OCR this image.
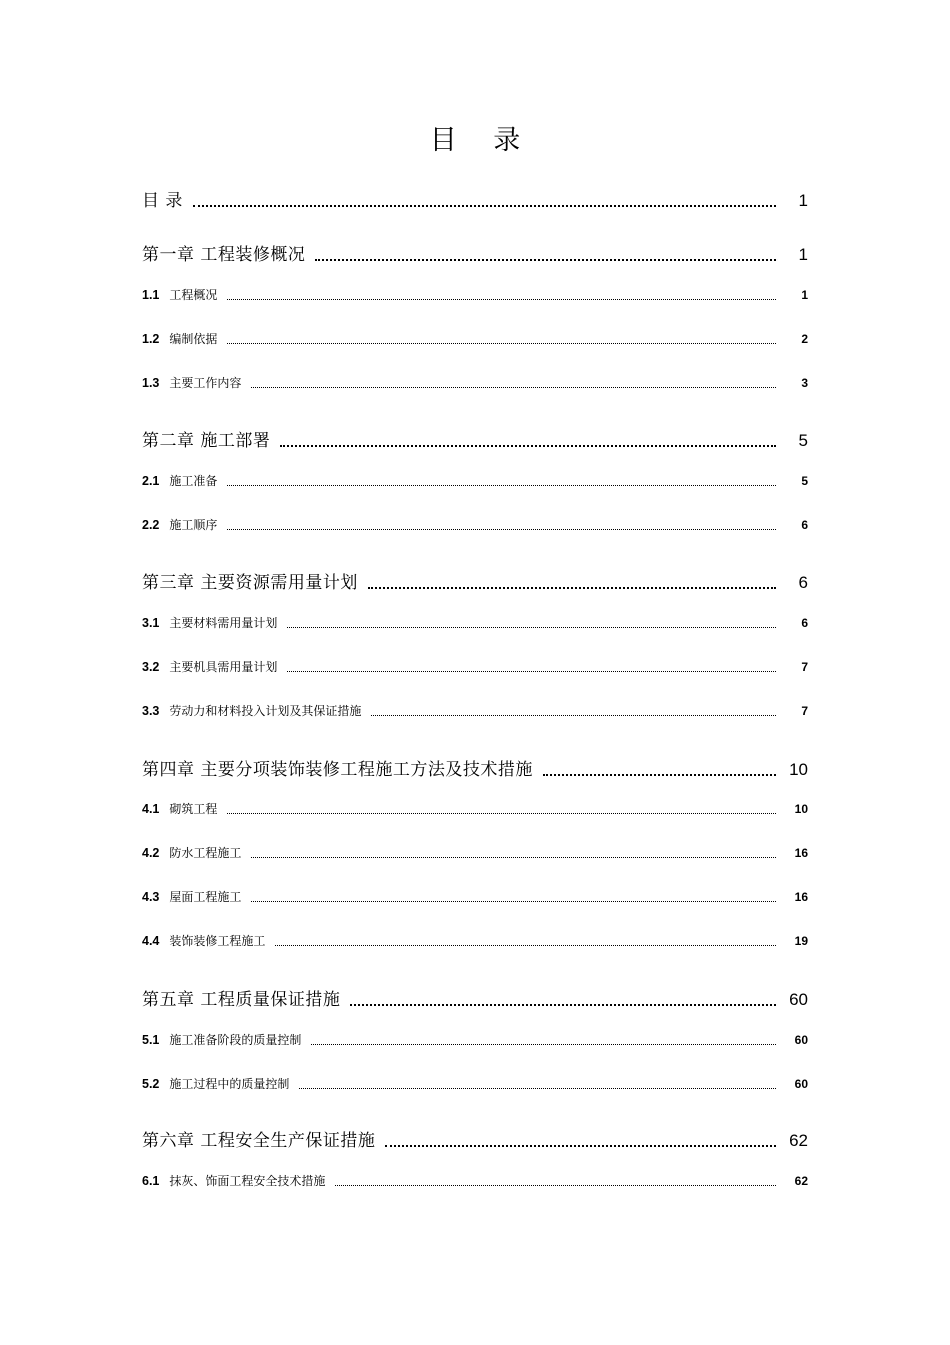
目 录
目 录	1
第一章 工程装修概况	1
1.1 工程概况	1
1.2 编制依据	2
1.3 主要工作内容	3
第二章 施工部署	5
2.1 施工准备	5
2.2 施工顺序	6
第三章 主要资源需用量计划	6
3.1 主要材料需用量计划	6
3.2 主要机具需用量计划	7
3.3 劳动力和材料投入计划及其保证措施	7
第四章 主要分项装饰装修工程施工方法及技术措施	10
4.1 砌筑工程	10
4.2 防水工程施工	16
4.3 屋面工程施工	16
4.4 装饰装修工程施工	19
第五章 工程质量保证措施	60
5.1 施工准备阶段的质量控制	60
5.2 施工过程中的质量控制	60
第六章 工程安全生产保证措施	62
6.1 抹灰、饰面工程安全技术措施	62
